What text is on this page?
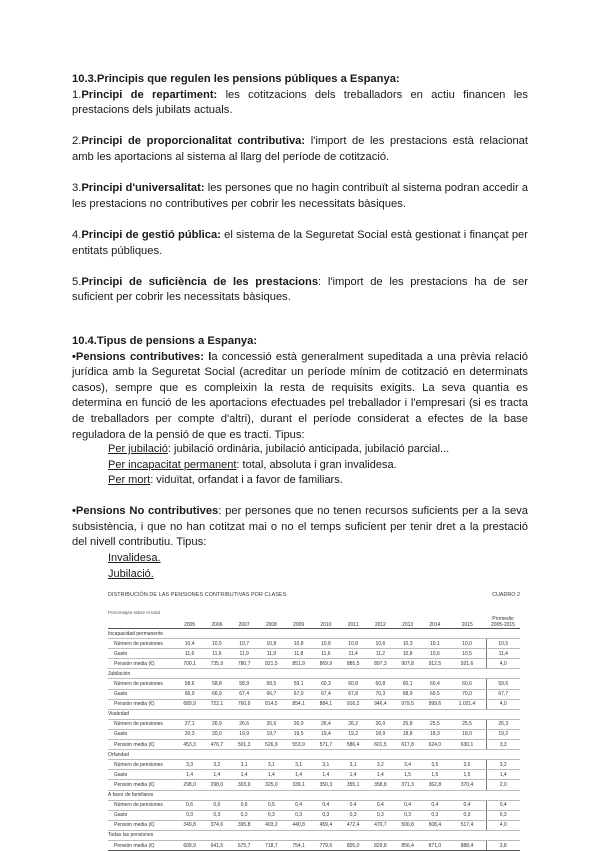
10.3.Principis que regulen les pensions públiques a Espanya:

1.Principi de repartiment: les cotitzacions dels treballadors en actiu financen les prestacions dels jubilats actuals.

2.Principi de proporcionalitat contributiva: l'import de les prestacions està relacionat amb les aportacions al sistema al llarg del període de cotització.

3.Principi d'universalitat: les persones que no hagin contribuït al sistema podran accedir a les prestacions no contributives per cobrir les necessitats bàsiques.

4.Principi de gestió pública: el sistema de la Seguretat Social està gestionat i finançat per entitats públiques.

5.Principi de suficiència de les prestacions: l'import de les prestacions ha de ser suficient per cobrir les necessitats bàsiques.

10.4.Tipus de pensions a Espanya:

•Pensions contributives: la concessió està generalment supeditada a una prèvia relació jurídica amb la Seguretat Social (acreditar un període mínim de cotització en determinats casos), sempre que es compleixin la resta de requisits exigits. La seva quantia es determina en funció de les aportacions efectuades pel treballador i l'empresari (si es tracta de treballadors per compte d'altri), durant el període considerat a efectes de la base reguladora de la pensió de que es tracti. Tipus:

Per jubilació: jubilació ordinària, jubilació anticipada, jubilació parcial...
Per incapacitat permanent: total, absoluta i gran invalidesa.
Per mort: viduïtat, orfandat i a favor de familiars.

•Pensions No contributives: per persones que no tenen recursos suficients per a la seva subsistència, i que no han cotitzat mai o no el temps suficient per tenir dret a la prestació del nivell contributiu. Tipus:

Invalidesa.
Jubilació.
DISTRIBUCIÓN DE LAS PENSIONES CONTRIBUTIVAS POR CLASES	CUADRO 2
Porcentajes sobre el total
	2005	2006	2007	2008	2009	2010	2011	2012	2013	2014	2015	Promedio 2005-2015
Incapacidad permanente												
Número de pensiones	10,4	10,5	10,7	10,8	10,8	10,8	10,8	10,6	10,3	10,1	10,0	10,5
Gasto	11,6	11,6	11,9	11,9	11,8	11,6	11,4	11,2	10,8	10,6	10,5	11,4
Pensión media (€)	700,1	735,9	780,7	821,5	851,9	869,9	885,5	897,3	907,8	912,5	921,6	4,0
Jubilación												
Número de pensiones	58,6	58,8	58,9	58,5	59,1	60,3	60,8	60,8	60,1	60,4	60,6	59,6
Gasto	66,9	66,9	67,4	66,7	67,0	67,4	67,8	70,3	68,9	69,5	70,0	67,7
Pensión media (€)	689,9	722,1	760,9	814,5	854,1	884,1	916,2	946,4	979,5	999,6	1.021,4	4,0
Viudedad												
Número de pensiones	27,1	26,9	26,6	26,6	26,0	26,4	26,2	26,0	25,8	25,5	25,5	26,3
Gasto	20,3	20,0	19,9	19,7	19,5	19,4	19,2	18,9	18,8	18,3	18,0	19,2
Pensión media (€)	453,3	476,7	501,3	526,9	553,9	571,7	586,4	601,5	617,8	624,0	630,1	3,3
Orfandad												
Número de pensiones	3,3	3,2	3,1	3,1	3,1	3,1	3,1	3,2	3,4	3,5	3,6	3,2
Gasto	1,4	1,4	1,4	1,4	1,4	1,4	1,4	1,4	1,5	1,5	1,5	1,4
Pensión media (€)	298,0	298,0	303,9	325,0	339,1	350,3	355,1	358,8	371,3	362,8	370,4	2,0
A favor de familiares												
Número de pensiones	0,6	0,6	0,6	0,5	0,4	0,4	0,4	0,4	0,4	0,4	0,4	0,4
Gasto	0,3	0,3	0,3	0,3	0,3	0,3	0,3	0,3	0,3	0,3	0,3	0,3
Pensión media (€)	349,8	374,6	395,8	403,2	440,8	459,4	472,4	470,7	500,8	508,4	517,4	4,0
Todas las pensiones												
Pensión media (€)	609,9	641,5	675,7	718,7	754,1	779,6	805,0	829,8	856,4	871,0	888,4	3,8
